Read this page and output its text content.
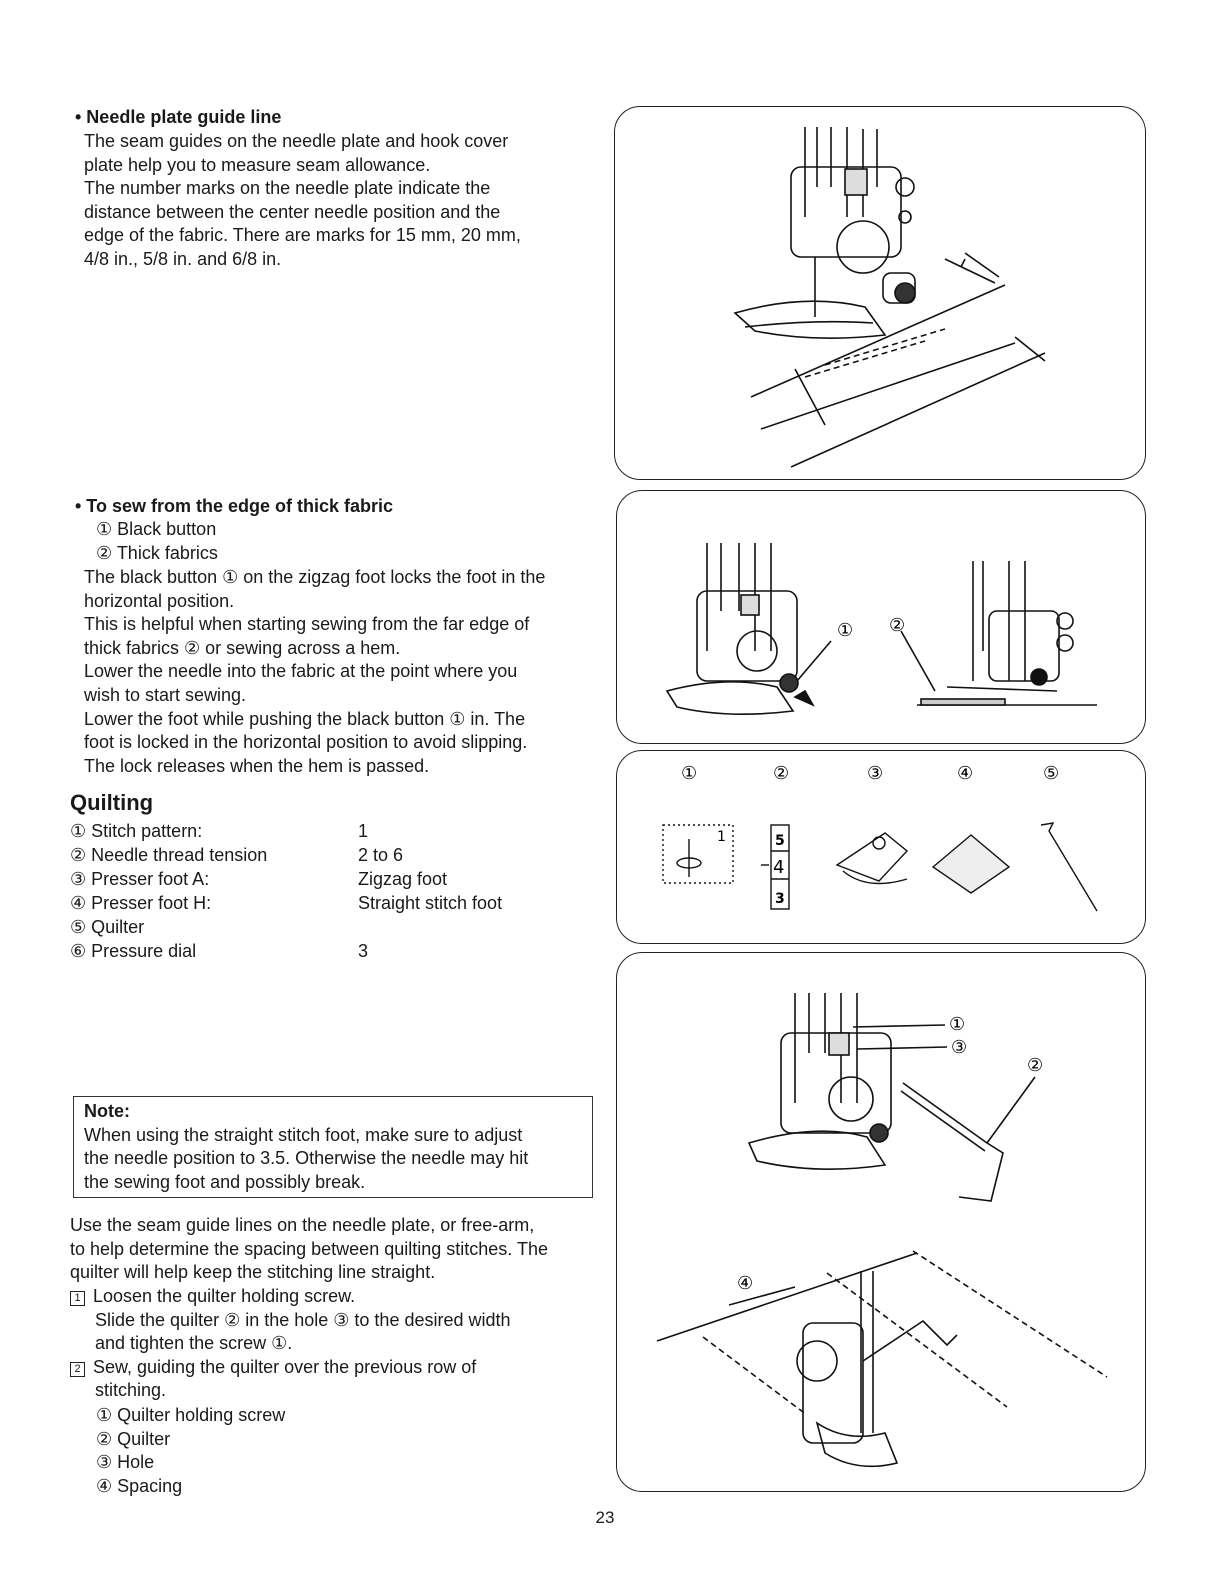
• Needle plate guide line

The seam guides on the needle plate and hook cover

plate help you to measure seam allowance.

The number marks on the needle plate indicate the

distance between the center needle position and the

edge of the fabric. There are marks for 15 mm, 20 mm,

4/8 in., 5/8 in. and 6/8 in.

• To sew from the edge of thick fabric

① Black button

② Thick fabrics

The black button ① on the zigzag foot locks the foot in the

horizontal position.

This is helpful when starting sewing from the far edge of

thick fabrics ② or sewing across a hem.

Lower the needle into the fabric at the point where you

wish to start sewing.

Lower the foot while pushing the black button ① in. The

foot is locked in the horizontal position to avoid slipping.

The lock releases when the hem is passed.

① ②
Quilting
① Stitch pattern:	1
② Needle thread tension	2 to 6
③ Presser foot A:	Zigzag foot
④ Presser foot H:	Straight stitch foot
⑤ Quilter
⑥ Pressure dial	3
①	②	③	④	⑤
1	5
4
3
Note:
When using the straight stitch foot, make sure to adjust
the needle position to 3.5. Otherwise the needle may hit
the sewing foot and possibly break.

Use the seam guide lines on the needle plate, or free-arm,

to help determine the spacing between quilting stitches. The

quilter will help keep the stitching line straight.

1 Loosen the quilter holding screw.

Slide the quilter ② in the hole ③ to the desired width

and tighten the screw ①.

2 Sew, guiding the quilter over the previous row of

stitching.

① Quilter holding screw

② Quilter

③ Hole

④ Spacing

①
③
②
④
23
